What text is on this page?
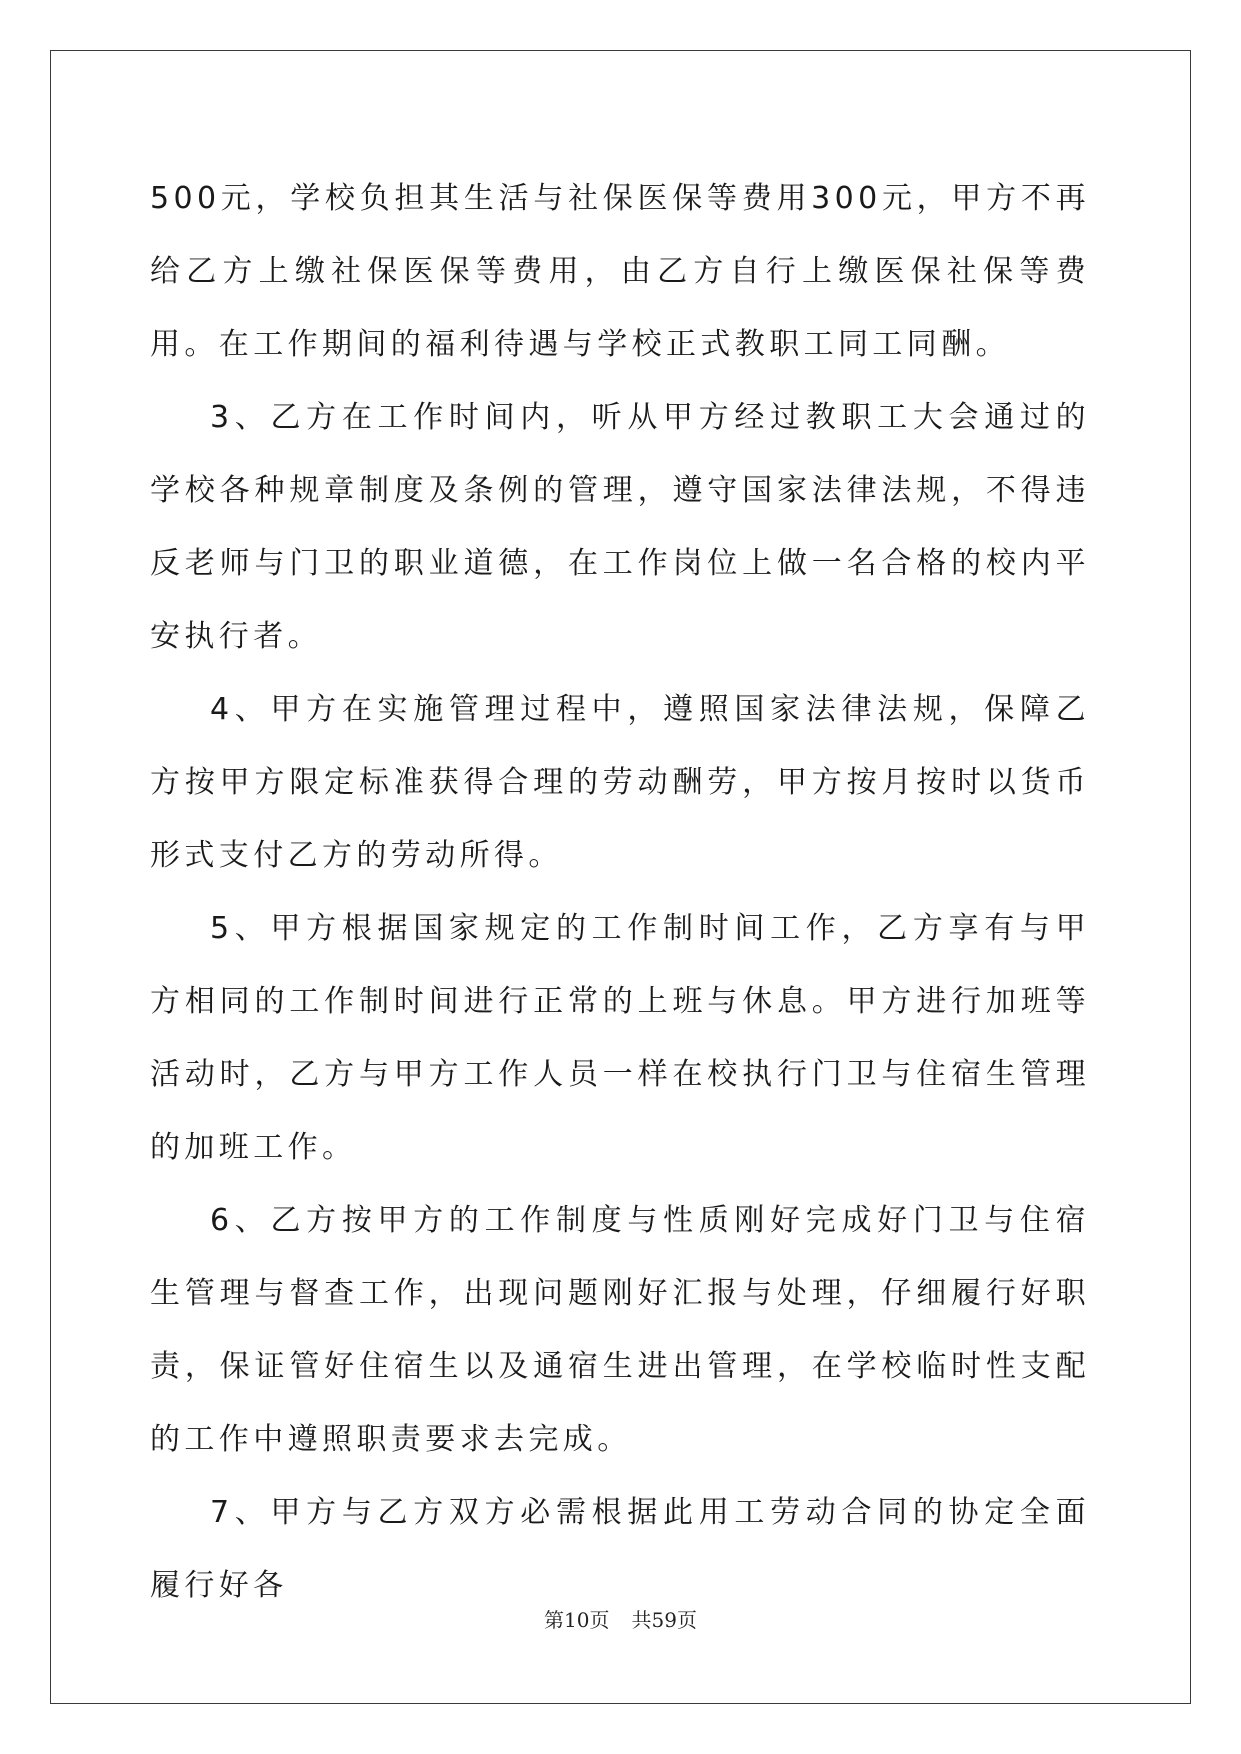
500元，学校负担其生活与社保医保等费用300元，甲方不再给乙方上缴社保医保等费用，由乙方自行上缴医保社保等费用。在工作期间的福利待遇与学校正式教职工同工同酬。

3、乙方在工作时间内，听从甲方经过教职工大会通过的学校各种规章制度及条例的管理，遵守国家法律法规，不得违反老师与门卫的职业道德，在工作岗位上做一名合格的校内平安执行者。

4、甲方在实施管理过程中，遵照国家法律法规，保障乙方按甲方限定标准获得合理的劳动酬劳，甲方按月按时以货币形式支付乙方的劳动所得。

5、甲方根据国家规定的工作制时间工作，乙方享有与甲方相同的工作制时间进行正常的上班与休息。甲方进行加班等活动时，乙方与甲方工作人员一样在校执行门卫与住宿生管理的加班工作。

6、乙方按甲方的工作制度与性质刚好完成好门卫与住宿生管理与督查工作，出现问题刚好汇报与处理，仔细履行好职责，保证管好住宿生以及通宿生进出管理，在学校临时性支配的工作中遵照职责要求去完成。

7、甲方与乙方双方必需根据此用工劳动合同的协定全面履行好各

第10页 共59页
